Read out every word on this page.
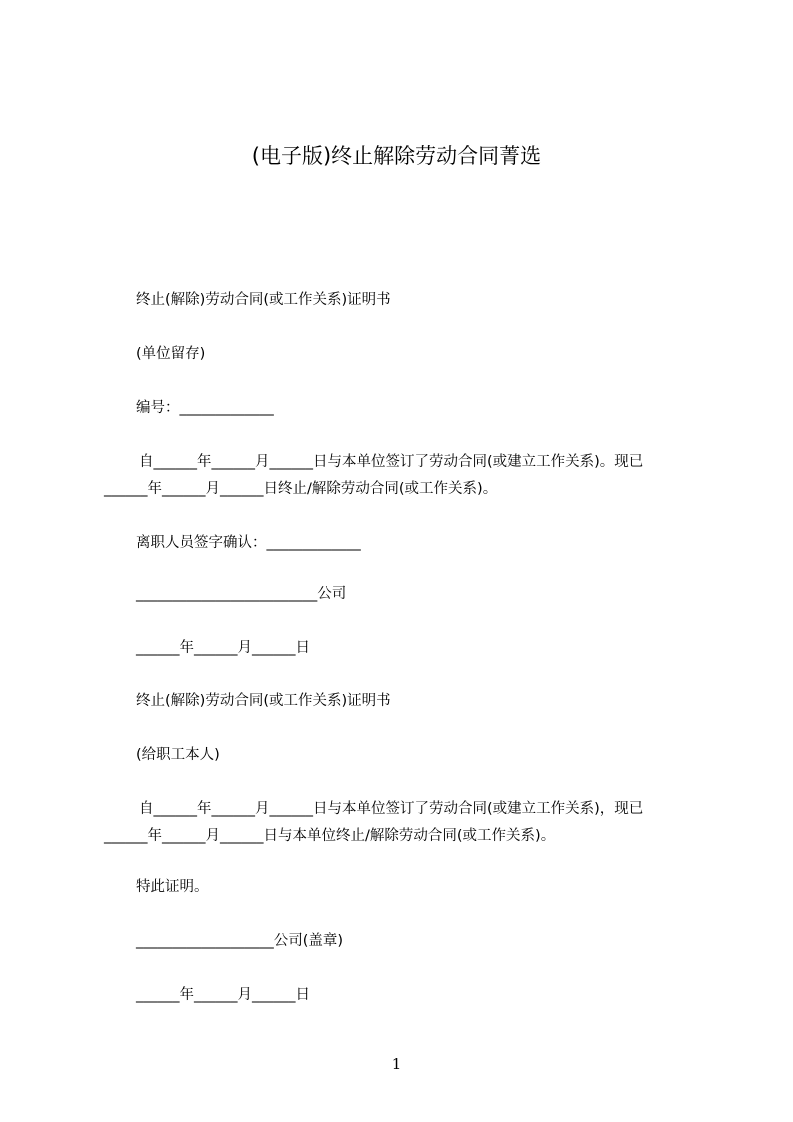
(电子版)终止解除劳动合同菁选
终止(解除)劳动合同(或工作关系)证明书
(单位留存)
编号：_____________
自______年______月______日与本单位签订了劳动合同(或建立工作关系)。现已
______年______月______日终止/解除劳动合同(或工作关系)。
离职人员签字确认：_____________
_________________________公司
______年______月______日
终止(解除)劳动合同(或工作关系)证明书
(给职工本人)
自______年______月______日与本单位签订了劳动合同(或建立工作关系)，现已
______年______月______日与本单位终止/解除劳动合同(或工作关系)。
特此证明。
___________________公司(盖章)
______年______月______日
1
